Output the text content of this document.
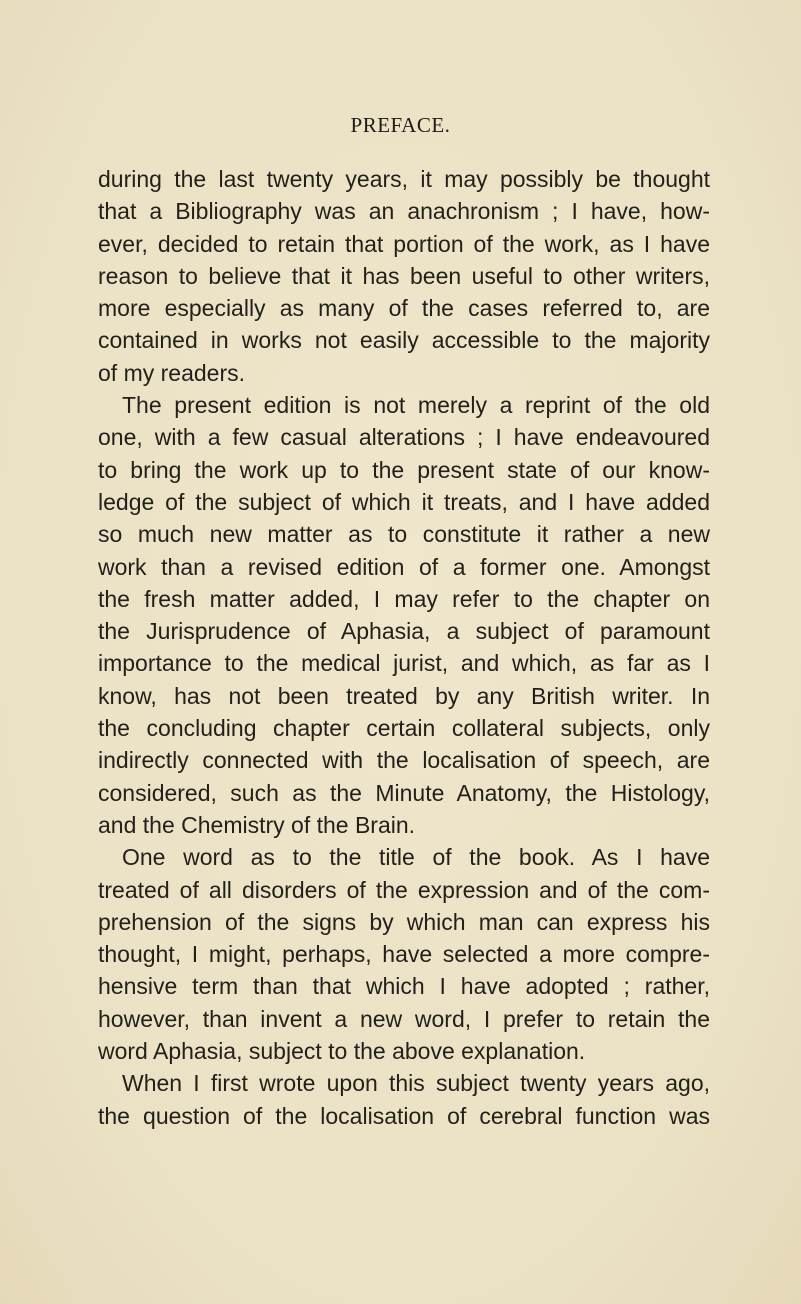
PREFACE.
during the last twenty years, it may possibly be thought
that a Bibliography was an anachronism ; I have, how-
ever, decided to retain that portion of the work, as I have
reason to believe that it has been useful to other writers,
more especially as many of the cases referred to, are
contained in works not easily accessible to the majority
of my readers.
The present edition is not merely a reprint of the old
one, with a few casual alterations ; I have endeavoured
to bring the work up to the present state of our know-
ledge of the subject of which it treats, and I have added
so much new matter as to constitute it rather a new
work than a revised edition of a former one. Amongst
the fresh matter added, I may refer to the chapter on
the Jurisprudence of Aphasia, a subject of paramount
importance to the medical jurist, and which, as far as I
know, has not been treated by any British writer. In
the concluding chapter certain collateral subjects, only
indirectly connected with the localisation of speech, are
considered, such as the Minute Anatomy, the Histology,
and the Chemistry of the Brain.
One word as to the title of the book. As I have
treated of all disorders of the expression and of the com-
prehension of the signs by which man can express his
thought, I might, perhaps, have selected a more compre-
hensive term than that which I have adopted ; rather,
however, than invent a new word, I prefer to retain the
word Aphasia, subject to the above explanation.
When I first wrote upon this subject twenty years ago,
the question of the localisation of cerebral function was
